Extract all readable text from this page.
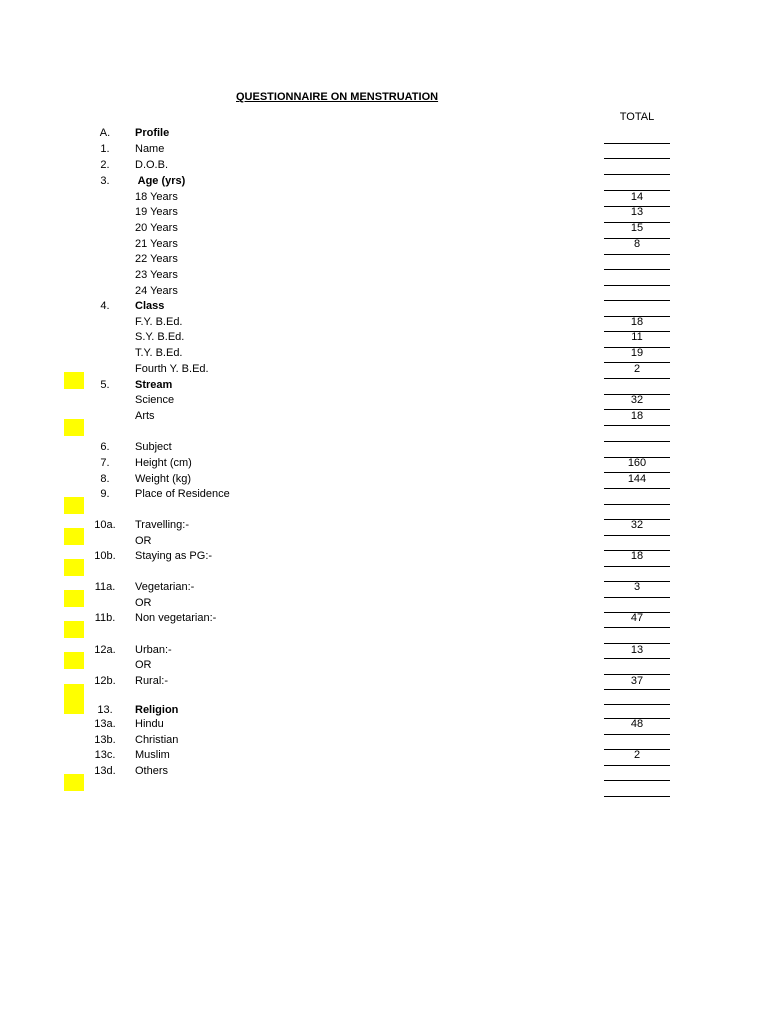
QUESTIONNAIRE ON MENSTRUATION
TOTAL
A.	Profile
1.	Name
2.	D.O.B.
3.	Age (yrs)
18 Years	14
19 Years	13
20 Years	15
21 Years	8
22 Years
23 Years
24 Years
4.	Class
F.Y. B.Ed.	18
S.Y. B.Ed.	11
T.Y. B.Ed.	19
Fourth Y. B.Ed.	2
5.	Stream
Science	32
Arts	18
6.	Subject
7.	Height (cm)	160
8.	Weight (kg)	144
9.	Place of Residence
10a.	Travelling:-	32
OR
10b.	Staying as PG:-	18
11a.	Vegetarian:-	3
OR
11b.	Non vegetarian:-	47
12a.	Urban:-	13
OR
12b.	Rural:-	37
13.	Religion
13a.	Hindu	48
13b.	Christian
13c.	Muslim	2
13d.	Others
